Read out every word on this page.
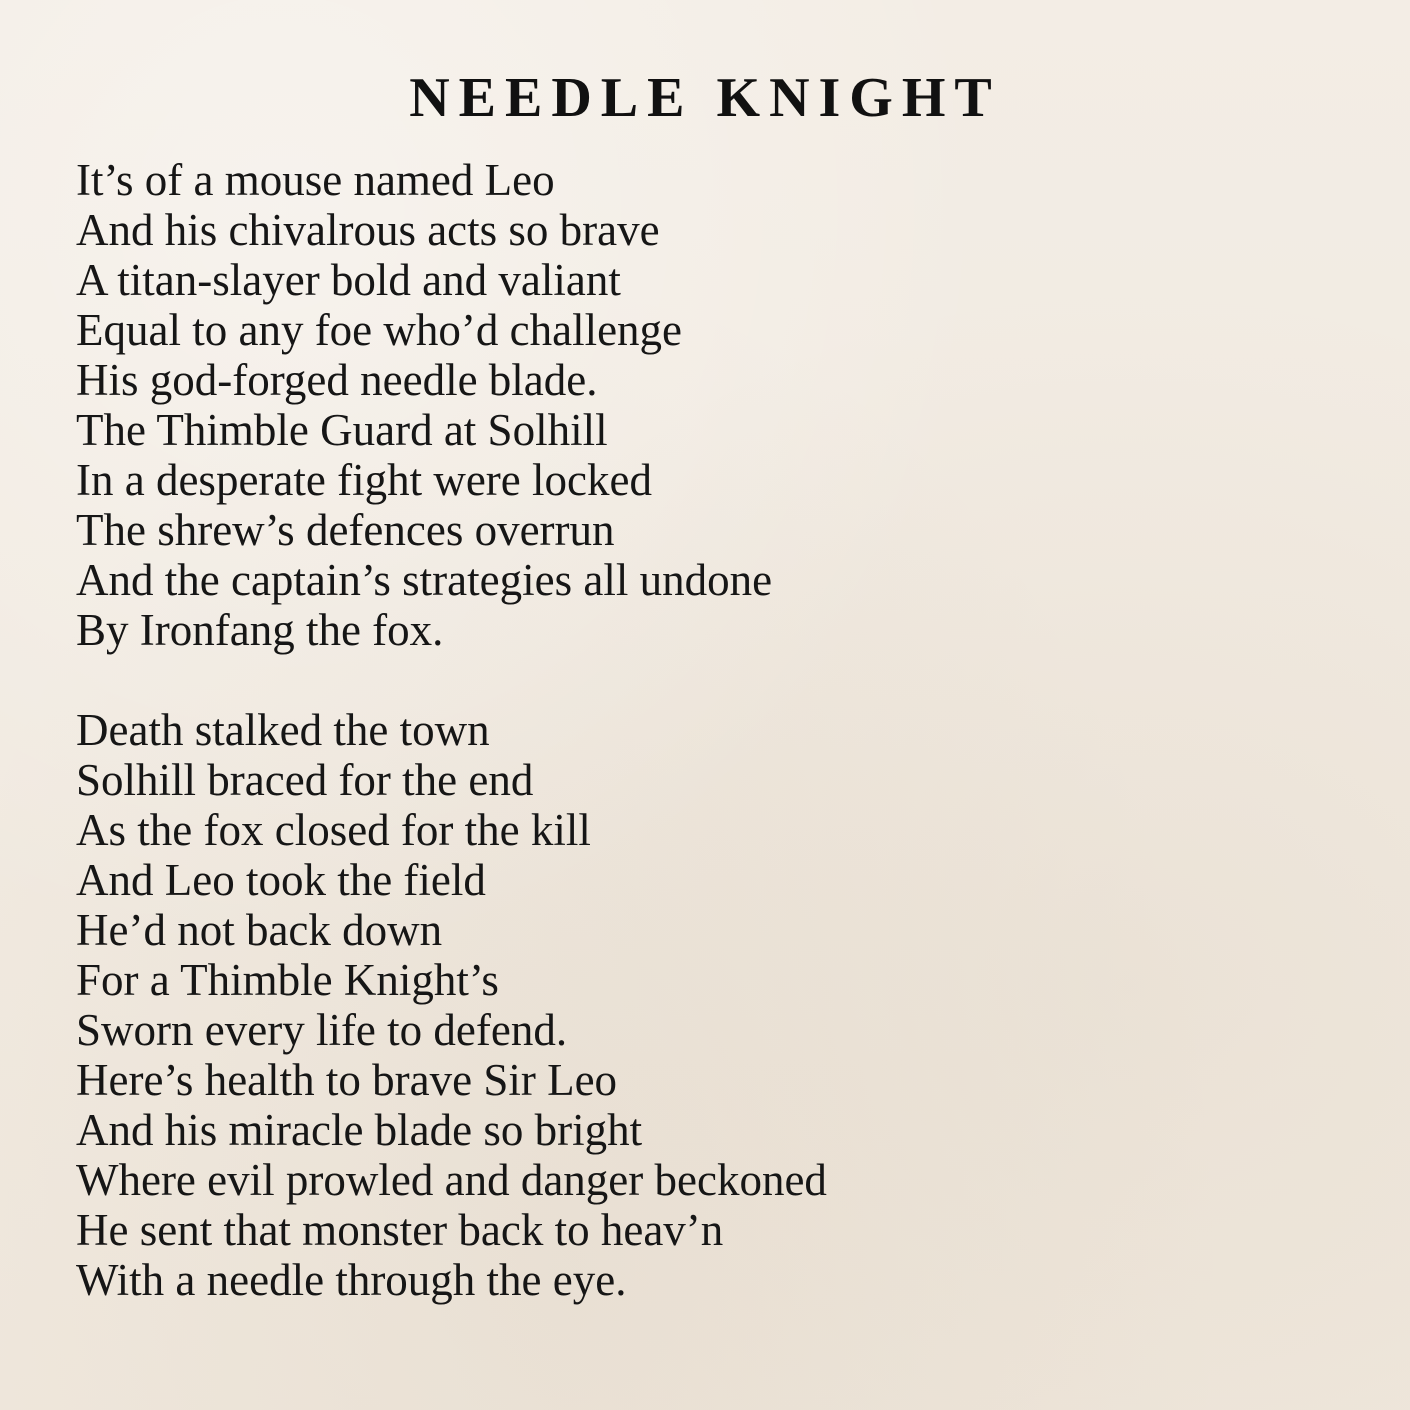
NEEDLE KNIGHT

It’s of a mouse named Leo
And his chivalrous acts so brave
A titan-slayer bold and valiant
Equal to any foe who’d challenge
His god-forged needle blade.
The Thimble Guard at Solhill
In a desperate fight were locked
The shrew’s defences overrun
And the captain’s strategies all undone
By Ironfang the fox.

Death stalked the town
Solhill braced for the end
As the fox closed for the kill
And Leo took the field
He’d not back down
For a Thimble Knight’s
Sworn every life to defend.
Here’s health to brave Sir Leo
And his miracle blade so bright
Where evil prowled and danger beckoned
He sent that monster back to heav’n
With a needle through the eye.
